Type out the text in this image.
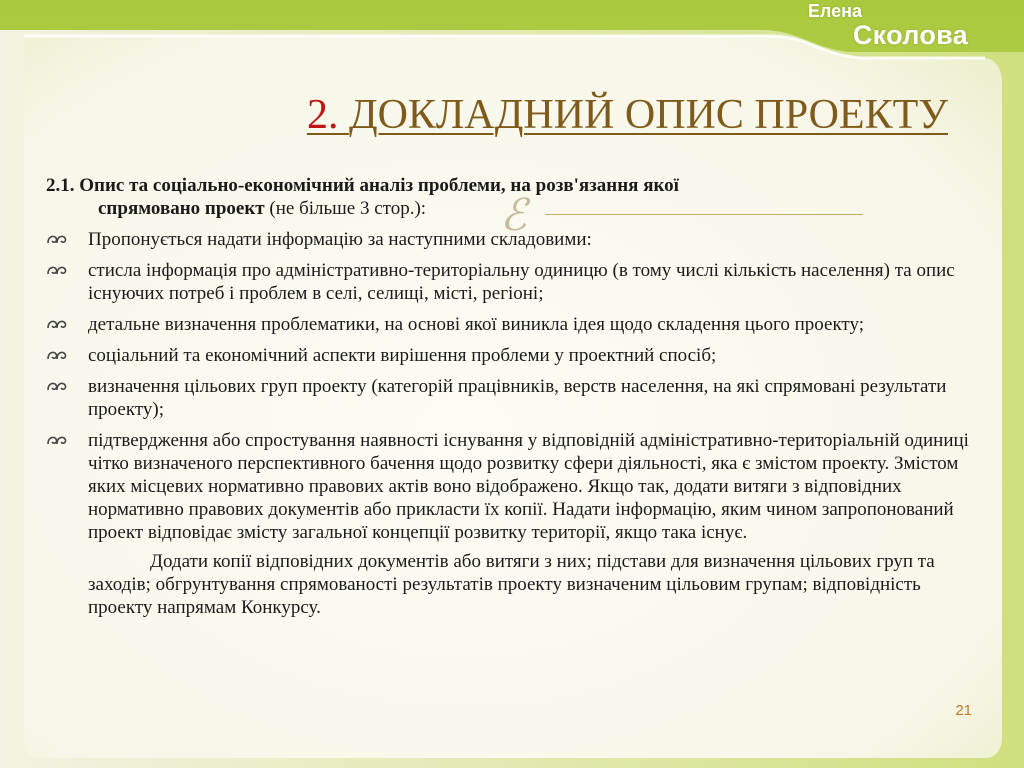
Елена
Сколова
2. ДОКЛАДНИЙ ОПИС ПРОЕКТУ
ℰ

2.1. Опис та соціально-економічний аналіз проблеми, на розв'язання якої
спрямовано проект (не більше 3 стор.):

Пропонується надати інформацію за наступними складовими:
стисла інформація про адміністративно-територіальну одиницю (в тому числі кількість населення) та опис існуючих потреб і проблем в селі, селищі, місті, регіоні;
детальне визначення проблематики, на основі якої виникла ідея щодо складення цього проекту;
соціальний та економічний аспекти вирішення проблеми у проектний спосіб;
визначення цільових груп проекту (категорій працівників, верств населення, на які спрямовані результати проекту);
підтвердження або спростування наявності існування у відповідній адміністративно-територіальній одиниці чітко визначеного перспективного бачення щодо розвитку сфери діяльності, яка є змістом проекту. Змістом яких місцевих нормативно правових актів воно відображено. Якщо так, додати витяги з відповідних нормативно правових документів або прикласти їх копії. Надати інформацію, яким чином запропонований проект відповідає змісту загальної концепції розвитку території, якщо така існує.

Додати копії відповідних документів або витяги з них; підстави для визначення цільових груп та заходів; обгрунтування спрямованості результатів проекту визначеним цільовим групам; відповідність проекту напрямам Конкурсу.

21
